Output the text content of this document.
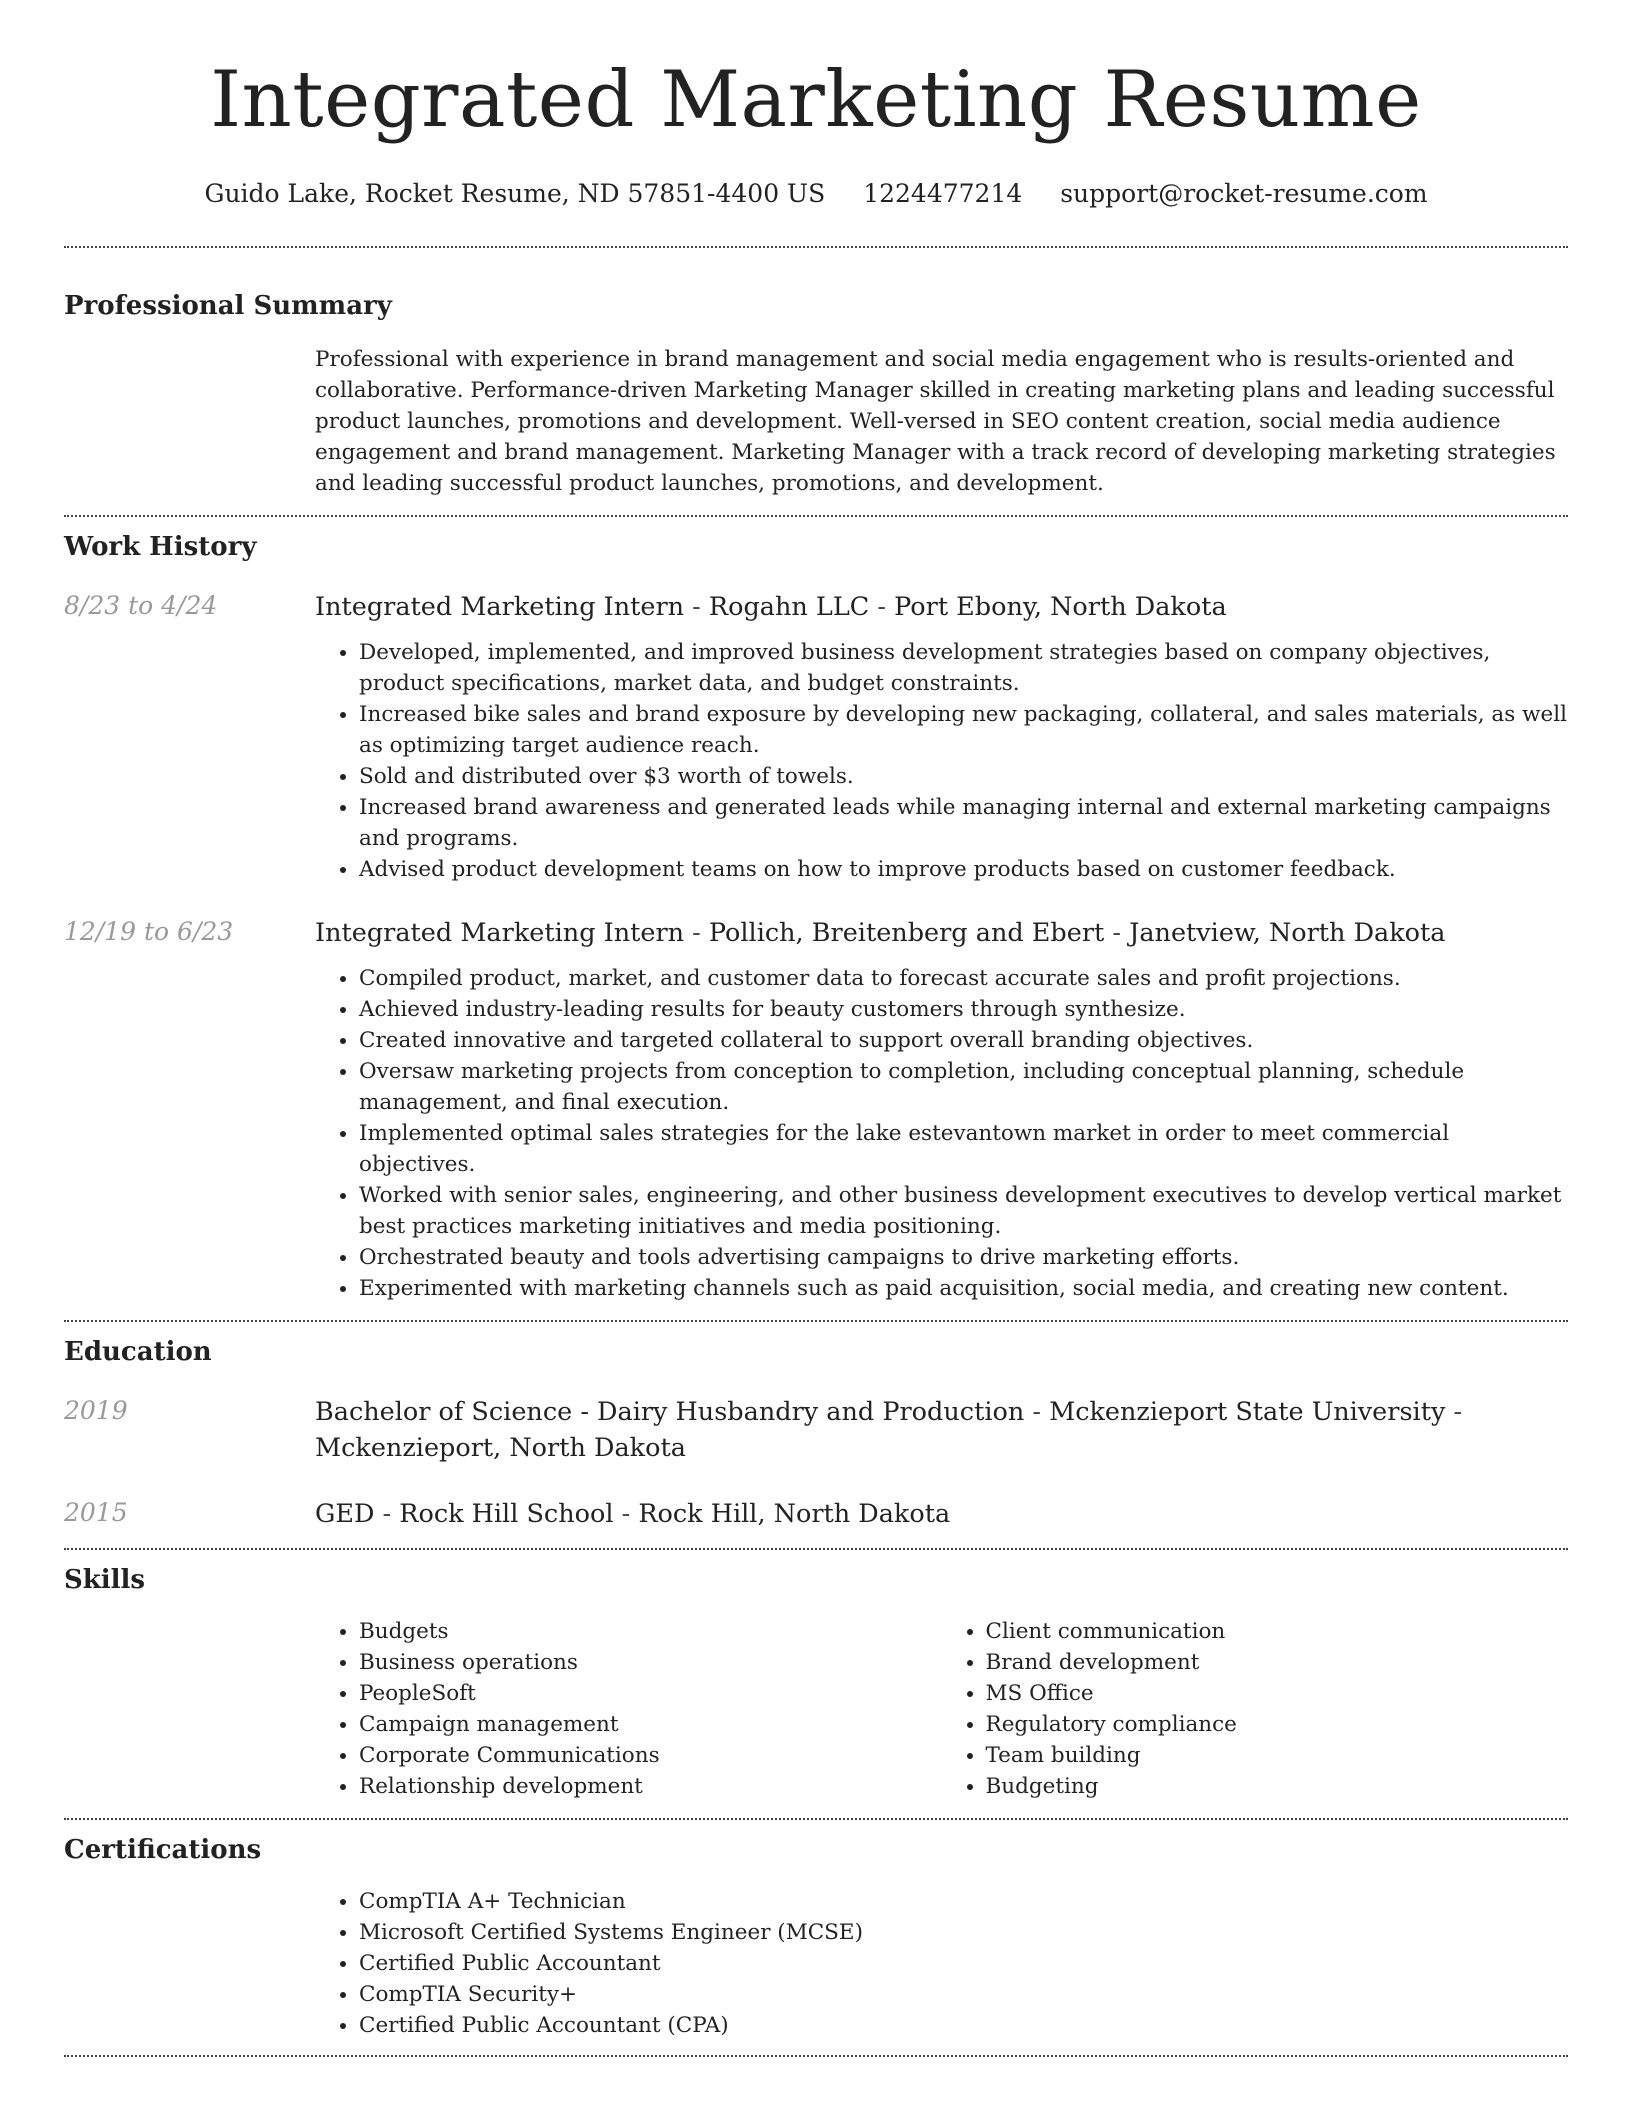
Integrated Marketing Resume
Guido Lake, Rocket Resume, ND 57851-4400 US 1224477214 support@rocket-resume.com
Professional Summary

Professional with experience in brand management and social media engagement who is results-oriented and collaborative. Performance-driven Marketing Manager skilled in creating marketing plans and leading successful product launches, promotions and development. Well-versed in SEO content creation, social media audience engagement and brand management. Marketing Manager with a track record of developing marketing strategies and leading successful product launches, promotions, and development.

Work History
8/23 to 4/24	Integrated Marketing Intern - Rogahn LLC - Port Ebony, North Dakota
• Developed, implemented, and improved business development strategies based on company objectives, product specifications, market data, and budget constraints.
• Increased bike sales and brand exposure by developing new packaging, collateral, and sales materials, as well as optimizing target audience reach.
• Sold and distributed over $3 worth of towels.
• Increased brand awareness and generated leads while managing internal and external marketing campaigns and programs.
• Advised product development teams on how to improve products based on customer feedback.
12/19 to 6/23	Integrated Marketing Intern - Pollich, Breitenberg and Ebert - Janetview, North Dakota
• Compiled product, market, and customer data to forecast accurate sales and profit projections.
• Achieved industry-leading results for beauty customers through synthesize.
• Created innovative and targeted collateral to support overall branding objectives.
• Oversaw marketing projects from conception to completion, including conceptual planning, schedule management, and final execution.
• Implemented optimal sales strategies for the lake estevantown market in order to meet commercial objectives.
• Worked with senior sales, engineering, and other business development executives to develop vertical market best practices marketing initiatives and media positioning.
• Orchestrated beauty and tools advertising campaigns to drive marketing efforts.
• Experimented with marketing channels such as paid acquisition, social media, and creating new content.
Education
2019	Bachelor of Science - Dairy Husbandry and Production - Mckenzieport State University - Mckenzieport, North Dakota
2015	GED - Rock Hill School - Rock Hill, North Dakota
Skills
• Budgets
• Business operations
• PeopleSoft
• Campaign management
• Corporate Communications
• Relationship development
• Client communication
• Brand development
• MS Office
• Regulatory compliance
• Team building
• Budgeting
Certifications
• CompTIA A+ Technician
• Microsoft Certified Systems Engineer (MCSE)
• Certified Public Accountant
• CompTIA Security+
• Certified Public Accountant (CPA)
